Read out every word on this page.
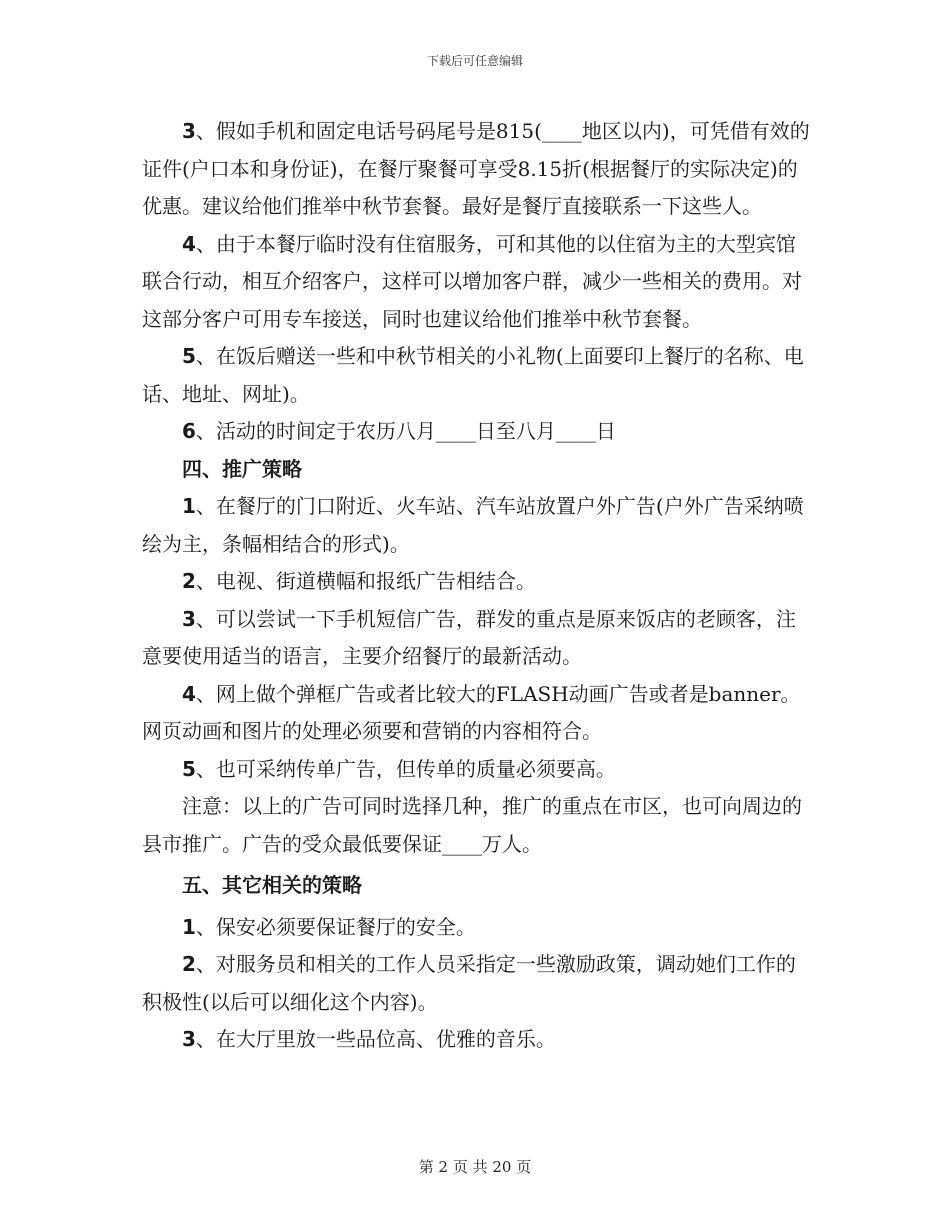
下载后可任意编辑

3、假如手机和固定电话号码尾号是815(____地区以内)，可凭借有效的证件(户口本和身份证)，在餐厅聚餐可享受8.15折(根据餐厅的实际决定)的优惠。建议给他们推举中秋节套餐。最好是餐厅直接联系一下这些人。

4、由于本餐厅临时没有住宿服务，可和其他的以住宿为主的大型宾馆联合行动，相互介绍客户，这样可以增加客户群，减少一些相关的费用。对这部分客户可用专车接送，同时也建议给他们推举中秋节套餐。

5、在饭后赠送一些和中秋节相关的小礼物(上面要印上餐厅的名称、电话、地址、网址)。

6、活动的时间定于农历八月____日至八月____日

四、推广策略

1、在餐厅的门口附近、火车站、汽车站放置户外广告(户外广告采纳喷绘为主，条幅相结合的形式)。

2、电视、街道横幅和报纸广告相结合。

3、可以尝试一下手机短信广告，群发的重点是原来饭店的老顾客，注意要使用适当的语言，主要介绍餐厅的最新活动。

4、网上做个弹框广告或者比较大的FLASH动画广告或者是banner。网页动画和图片的处理必须要和营销的内容相符合。

5、也可采纳传单广告，但传单的质量必须要高。

注意：以上的广告可同时选择几种，推广的重点在市区，也可向周边的县市推广。广告的受众最低要保证____万人。

五、其它相关的策略

1、保安必须要保证餐厅的安全。

2、对服务员和相关的工作人员采指定一些激励政策，调动她们工作的积极性(以后可以细化这个内容)。

3、在大厅里放一些品位高、优雅的音乐。

第 2 页 共 20 页
